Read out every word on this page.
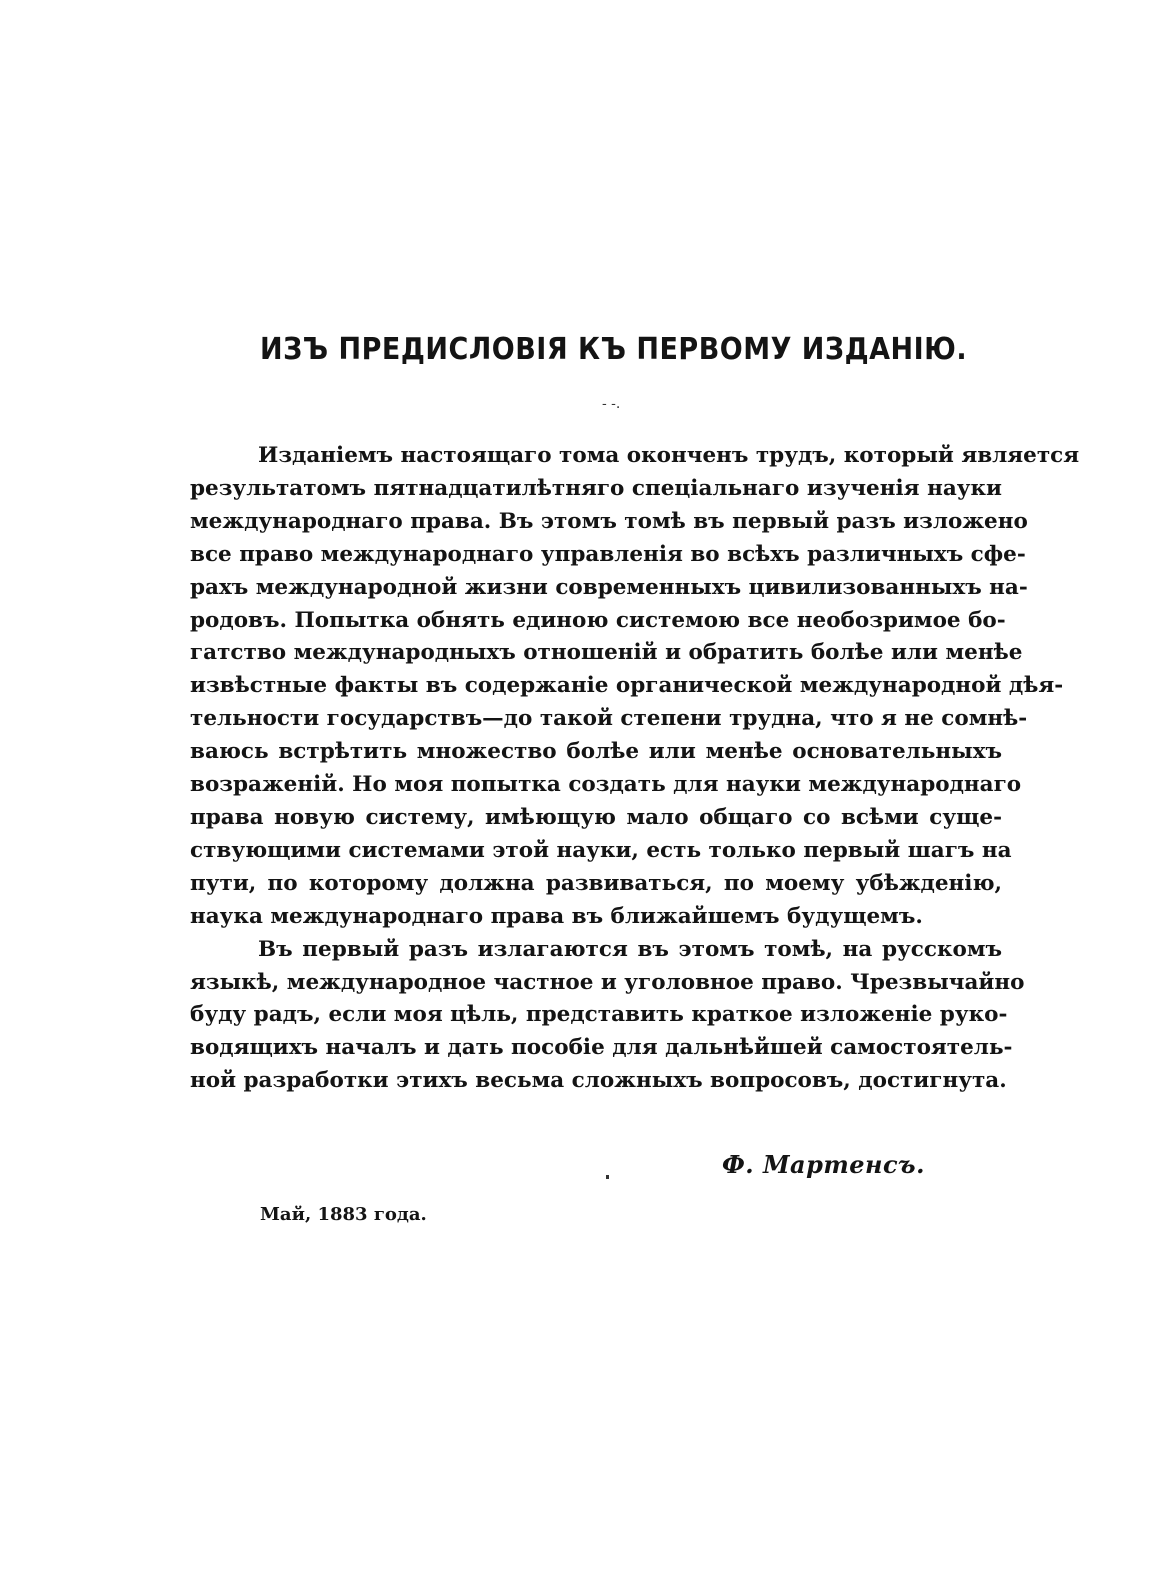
ИЗЪ ПРЕДИСЛОВІЯ КЪ ПЕРВОМУ ИЗДАНІЮ.
- -.
Изданіемъ настоящаго тома оконченъ трудъ, который является
результатомъ пятнадцатилѣтняго спеціальнаго изученія науки
международнаго права. Въ этомъ томѣ въ первый разъ изложено
все право международнаго управленія во всѣхъ различныхъ сфе-
рахъ международной жизни современныхъ цивилизованныхъ на-
родовъ. Попытка обнять единою системою все необозримое бо-
гатство международныхъ отношеній и обратить болѣе или менѣе
извѣстные факты въ содержаніе органической международной дѣя-
тельности государствъ—до такой степени трудна, что я не сомнѣ-
ваюсь встрѣтить множество болѣе или менѣе основательныхъ
возраженій. Но моя попытка создать для науки международнаго
права новую систему, имѣющую мало общаго со всѣми суще-
ствующими системами этой науки, есть только первый шагъ на
пути, по которому должна развиваться, по моему убѣжденію,
наука международнаго права въ ближайшемъ будущемъ.
Въ первый разъ излагаются въ этомъ томѣ, на русскомъ
языкѣ, международное частное и уголовное право. Чрезвычайно
буду радъ, если моя цѣль, представить краткое изложеніе руко-
водящихъ началъ и дать пособіе для дальнѣйшей самостоятель-
ной разработки этихъ весьма сложныхъ вопросовъ, достигнута.
Ф. Мартенсъ.
Май, 1883 года.
